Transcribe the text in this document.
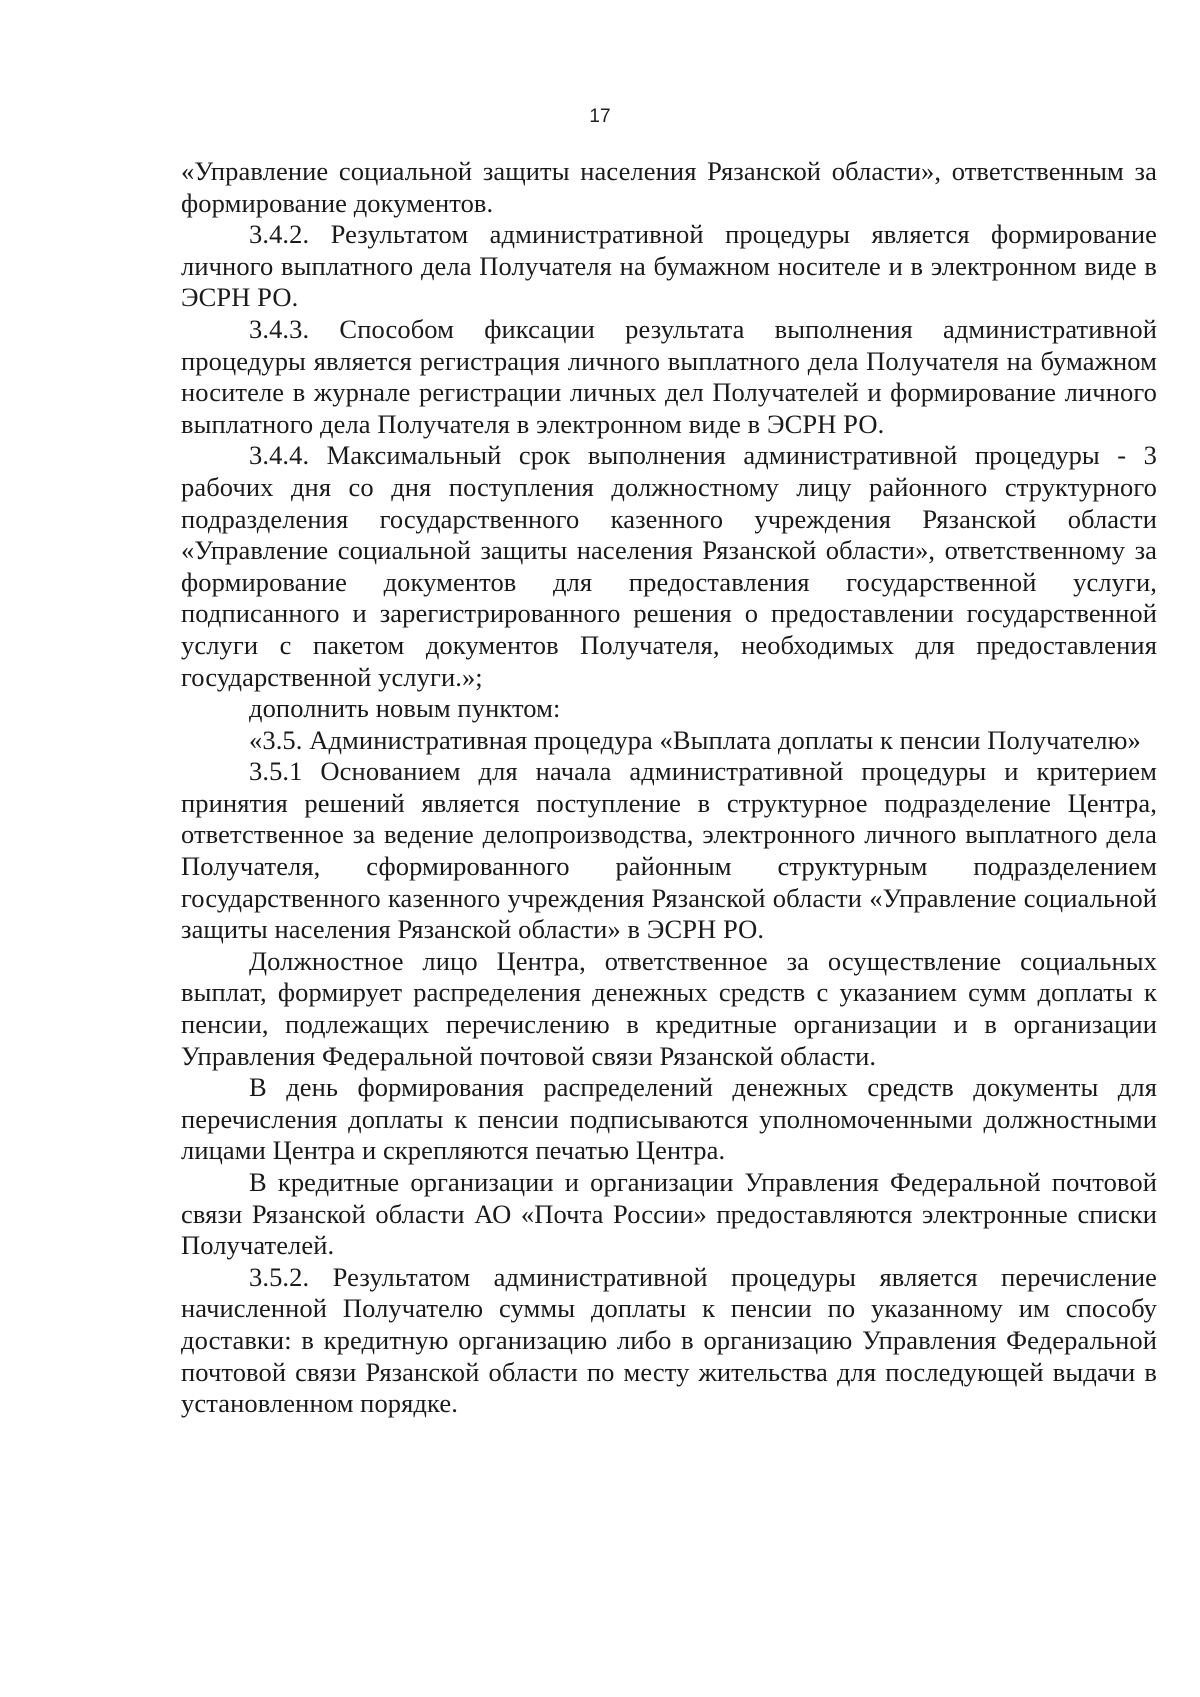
17

«Управление социальной защиты населения Рязанской области», ответственным за формирование документов.

3.4.2. Результатом административной процедуры является формирование личного выплатного дела Получателя на бумажном носителе и в электронном виде в ЭСРН РО.

3.4.3. Способом фиксации результата выполнения административной процедуры является регистрация личного выплатного дела Получателя на бумажном носителе в журнале регистрации личных дел Получателей и формирование личного выплатного дела Получателя в электронном виде в ЭСРН РО.

3.4.4. Максимальный срок выполнения административной процедуры - 3 рабочих дня со дня поступления должностному лицу районного структурного подразделения государственного казенного учреждения Рязанской области «Управление социальной защиты населения Рязанской области», ответственному за формирование документов для предоставления государственной услуги, подписанного и зарегистрированного решения о предоставлении государственной услуги с пакетом документов Получателя, необходимых для предоставления государственной услуги.»;

дополнить новым пунктом:

«3.5. Административная процедура «Выплата доплаты к пенсии Получателю»

3.5.1 Основанием для начала административной процедуры и критерием принятия решений является поступление в структурное подразделение Центра, ответственное за ведение делопроизводства, электронного личного выплатного дела Получателя, сформированного районным структурным подразделением государственного казенного учреждения Рязанской области «Управление социальной защиты населения Рязанской области» в ЭСРН РО.

Должностное лицо Центра, ответственное за осуществление социальных выплат, формирует распределения денежных средств с указанием сумм доплаты к пенсии, подлежащих перечислению в кредитные организации и в организации Управления Федеральной почтовой связи Рязанской области.

В день формирования распределений денежных средств документы для перечисления доплаты к пенсии подписываются уполномоченными должностными лицами Центра и скрепляются печатью Центра.

В кредитные организации и организации Управления Федеральной почтовой связи Рязанской области АО «Почта России» предоставляются электронные списки Получателей.

3.5.2. Результатом административной процедуры является перечисление начисленной Получателю суммы доплаты к пенсии по указанному им способу доставки: в кредитную организацию либо в организацию Управления Федеральной почтовой связи Рязанской области по месту жительства для последующей выдачи в установленном порядке.
